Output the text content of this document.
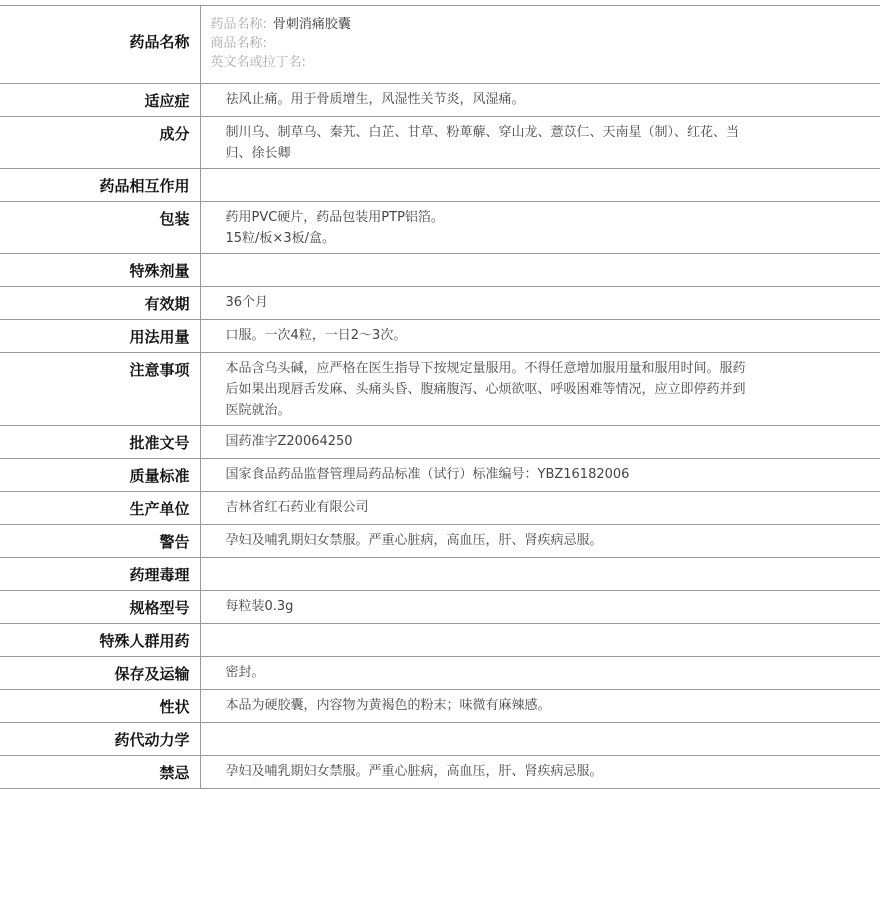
药品名称	药品名称: 骨刺消痛胶囊
商品名称:
英文名或拉丁名:

适应症	祛风止痛。用于骨质增生，风湿性关节炎，风湿痛。

成分	制川乌、制草乌、秦艽、白芷、甘草、粉萆薢、穿山龙、薏苡仁、天南星（制）、红花、当
归、徐长卿

药品相互作用	
包装	药用PVC硬片，药品包装用PTP铝箔。
15粒/板×3板/盒。

特殊剂量	
有效期	36个月

用法用量	口服。一次4粒，一日2～3次。

注意事项	本品含乌头碱，应严格在医生指导下按规定量服用。不得任意增加服用量和服用时间。服药
后如果出现唇舌发麻、头痛头昏、腹痛腹泻、心烦欲呕、呼吸困难等情况，应立即停药并到
医院就治。

批准文号	国药准字Z20064250

质量标准	国家食品药品监督管理局药品标准（试行）标准编号：YBZ16182006

生产单位	吉林省红石药业有限公司

警告	孕妇及哺乳期妇女禁服。严重心脏病，高血压，肝、肾疾病忌服。

药理毒理	
规格型号	每粒装0.3g

特殊人群用药	
保存及运输	密封。

性状	本品为硬胶囊，内容物为黄褐色的粉末；味微有麻辣感。

药代动力学	
禁忌	孕妇及哺乳期妇女禁服。严重心脏病，高血压，肝、肾疾病忌服。
